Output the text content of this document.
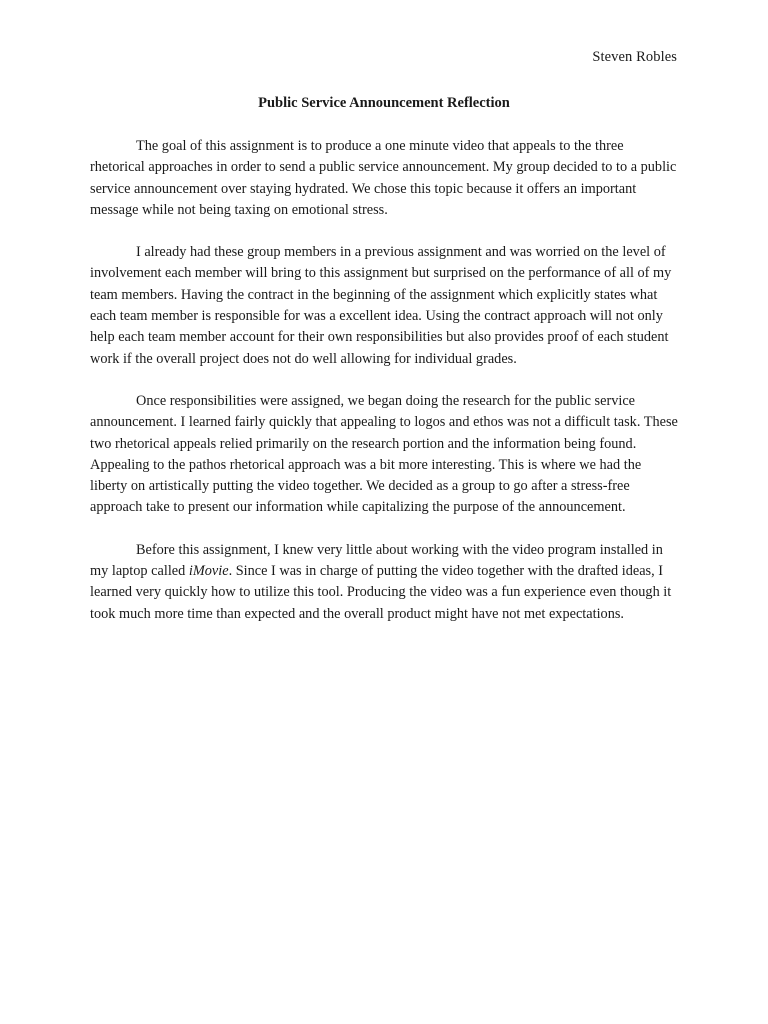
Steven Robles
Public Service Announcement Reflection

The goal of this assignment is to produce a one minute video that appeals to the three rhetorical approaches in order to send a public service announcement. My group decided to to a public service announcement over staying hydrated. We chose this topic because it offers an important message while not being taxing on emotional stress.

I already had these group members in a previous assignment and was worried on the level of involvement each member will bring to this assignment but surprised on the performance of all of my team members. Having the contract in the beginning of the assignment which explicitly states what each team member is responsible for was a excellent idea. Using the contract approach will not only help each team member account for their own responsibilities but also provides proof of each student work if the overall project does not do well allowing for individual grades.

Once responsibilities were assigned, we began doing the research for the public service announcement. I learned fairly quickly that appealing to logos and ethos was not a difficult task. These two rhetorical appeals relied primarily on the research portion and the information being found. Appealing to the pathos rhetorical approach was a bit more interesting. This is where we had the liberty on artistically putting the video together. We decided as a group to go after a stress-free approach take to present our information while capitalizing the purpose of the announcement.

Before this assignment, I knew very little about working with the video program installed in my laptop called iMovie. Since I was in charge of putting the video together with the drafted ideas, I learned very quickly how to utilize this tool. Producing the video was a fun experience even though it took much more time than expected and the overall product might have not met expectations.
